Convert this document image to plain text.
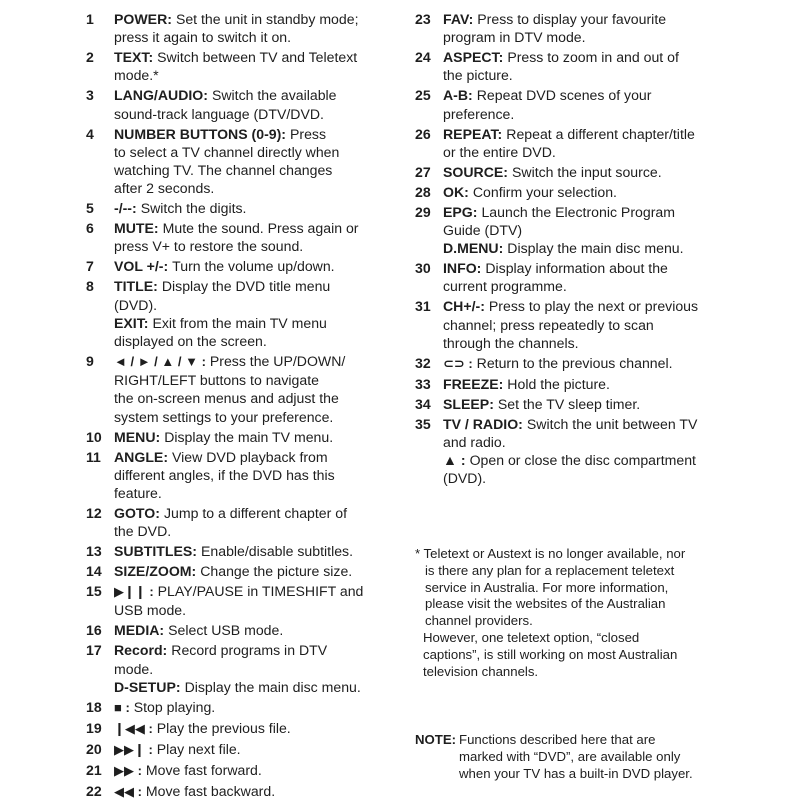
1	POWER: Set the unit in standby mode;
press it again to switch it on.
2	TEXT: Switch between TV and Teletext
mode.*
3	LANG/AUDIO: Switch the available
sound-track language (DTV/DVD.
4	NUMBER BUTTONS (0-9): Press
to select a TV channel directly when
watching TV. The channel changes
after 2 seconds.
5	-/--: Switch the digits.
6	MUTE: Mute the sound. Press again or
press V+ to restore the sound.
7	VOL +/-: Turn the volume up/down.
8	TITLE: Display the DVD title menu
(DVD).
EXIT: Exit from the main TV menu
displayed on the screen.
9	◄ / ► / ▲ / ▼ : Press the UP/DOWN/
RIGHT/LEFT buttons to navigate
the on-screen menus and adjust the
system settings to your preference.
10 MENU: Display the main TV menu.
11 ANGLE: View DVD playback from
different angles, if the DVD has this
feature.
12 GOTO: Jump to a different chapter of
the DVD.
13 SUBTITLES: Enable/disable subtitles.
14 SIZE/ZOOM: Change the picture size.
15 ▶❙❙ : PLAY/PAUSE in TIMESHIFT and
USB mode.
16 MEDIA: Select USB mode.
17 Record: Record programs in DTV
mode.
D-SETUP: Display the main disc menu.
18 ■ : Stop playing.
19 ❙◀◀ : Play the previous file.
20 ▶▶❙ : Play next file.
21 ▶▶ : Move fast forward.
22 ◀◀ : Move fast backward.
23 FAV: Press to display your favourite
program in DTV mode.
24 ASPECT: Press to zoom in and out of
the picture.
25 A-B: Repeat DVD scenes of your
preference.
26 REPEAT: Repeat a different chapter/title
or the entire DVD.
27 SOURCE: Switch the input source.
28 OK: Confirm your selection.
29 EPG: Launch the Electronic Program
Guide (DTV)
D.MENU: Display the main disc menu.
30 INFO: Display information about the
current programme.
31 CH+/-: Press to play the next or previous
channel; press repeatedly to scan
through the channels.
32 ⊂⊃ : Return to the previous channel.
33 FREEZE: Hold the picture.
34 SLEEP: Set the TV sleep timer.
35 TV / RADIO: Switch the unit between TV
and radio.
▲ : Open or close the disc compartment
(DVD).
* Teletext or Austext is no longer available, nor
is there any plan for a replacement teletext
service in Australia. For more information,
please visit the websites of the Australian
channel providers.
However, one teletext option, “closed
captions”, is still working on most Australian
television channels.
NOTE: Functions described here that are
marked with “DVD”, are available only
when your TV has a built-in DVD player.
